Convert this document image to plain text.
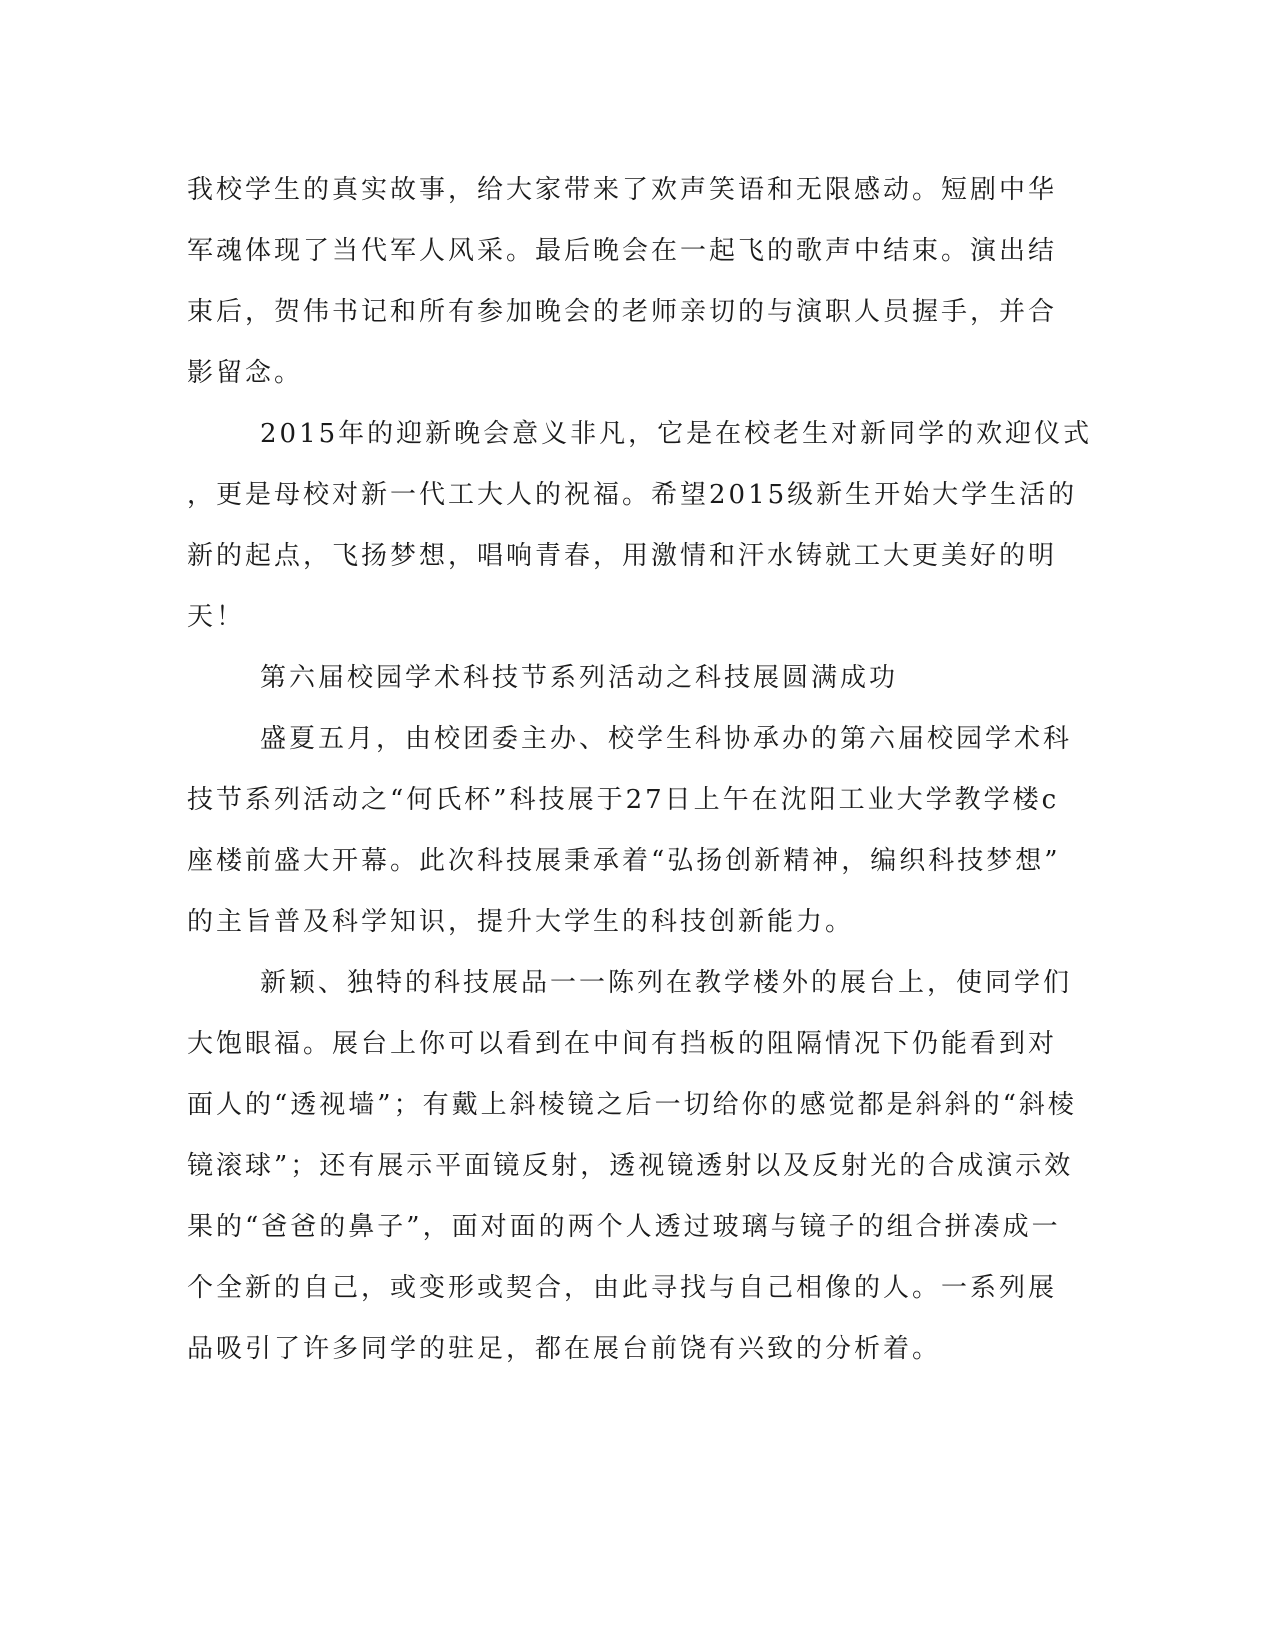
我校学生的真实故事，给大家带来了欢声笑语和无限感动。短剧中华
军魂体现了当代军人风采。最后晚会在一起飞的歌声中结束。演出结
束后，贺伟书记和所有参加晚会的老师亲切的与演职人员握手，并合
影留念。
2015年的迎新晚会意义非凡，它是在校老生对新同学的欢迎仪式
，更是母校对新一代工大人的祝福。希望2015级新生开始大学生活的
新的起点，飞扬梦想，唱响青春，用激情和汗水铸就工大更美好的明
天！
第六届校园学术科技节系列活动之科技展圆满成功
盛夏五月，由校团委主办、校学生科协承办的第六届校园学术科
技节系列活动之“何氏杯”科技展于27日上午在沈阳工业大学教学楼c
座楼前盛大开幕。此次科技展秉承着“弘扬创新精神，编织科技梦想”
的主旨普及科学知识，提升大学生的科技创新能力。
新颖、独特的科技展品一一陈列在教学楼外的展台上，使同学们
大饱眼福。展台上你可以看到在中间有挡板的阻隔情况下仍能看到对
面人的“透视墙”；有戴上斜棱镜之后一切给你的感觉都是斜斜的“斜棱
镜滚球”；还有展示平面镜反射，透视镜透射以及反射光的合成演示效
果的“爸爸的鼻子”，面对面的两个人透过玻璃与镜子的组合拼凑成一
个全新的自己，或变形或契合，由此寻找与自己相像的人。一系列展
品吸引了许多同学的驻足，都在展台前饶有兴致的分析着。
